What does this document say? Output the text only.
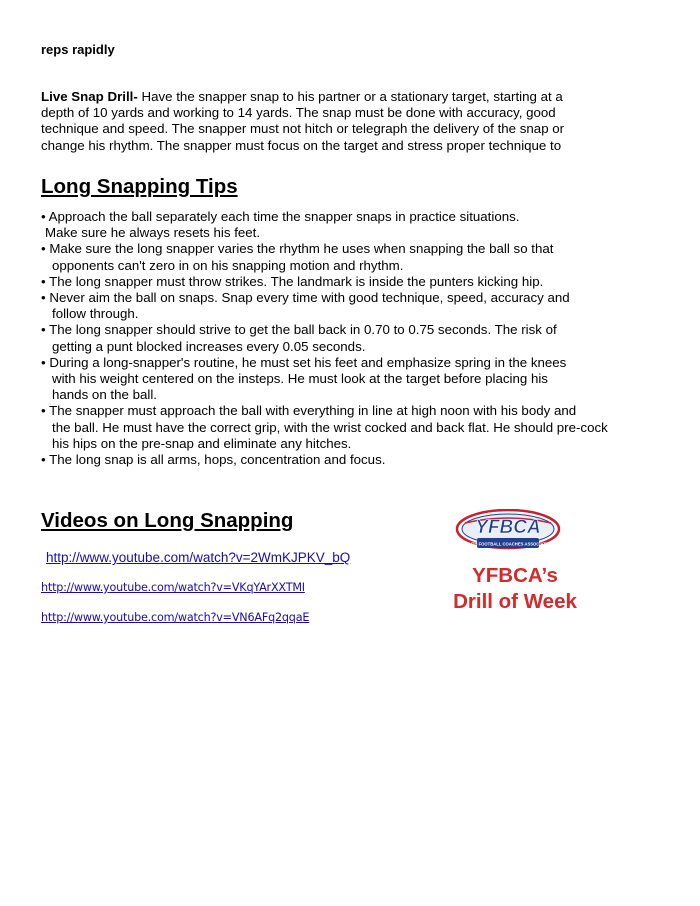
reps rapidly
Live Snap Drill- Have the snapper snap to his partner or a stationary target, starting at a
depth of 10 yards and working to 14 yards. The snap must be done with accuracy, good
technique and speed. The snapper must not hitch or telegraph the delivery of the snap or
change his rhythm. The snapper must focus on the target and stress proper technique to
Long Snapping Tips
• Approach the ball separately each time the snapper snaps in practice situations.
Make sure he always resets his feet.
• Make sure the long snapper varies the rhythm he uses when snapping the ball so that
opponents can't zero in on his snapping motion and rhythm.
• The long snapper must throw strikes. The landmark is inside the punters kicking hip.
• Never aim the ball on snaps. Snap every time with good technique, speed, accuracy and
follow through.
• The long snapper should strive to get the ball back in 0.70 to 0.75 seconds. The risk of
getting a punt blocked increases every 0.05 seconds.
• During a long-snapper's routine, he must set his feet and emphasize spring in the knees
with his weight centered on the insteps. He must look at the target before placing his
hands on the ball.
• The snapper must approach the ball with everything in line at high noon with his body and
the ball. He must have the correct grip, with the wrist cocked and back flat. He should pre-cock
his hips on the pre-snap and eliminate any hitches.
• The long snap is all arms, hops, concentration and focus.
Videos on Long Snapping
http://www.youtube.com/watch?v=2WmKJPKV_bQ
http://www.youtube.com/watch?v=VKqYArXXTMI
http://www.youtube.com/watch?v=VN6AFq2qqaE
YFBCA
YOUTH FOOTBALL COACHES ASSOCIATION
YFBCA’s
Drill of Week
